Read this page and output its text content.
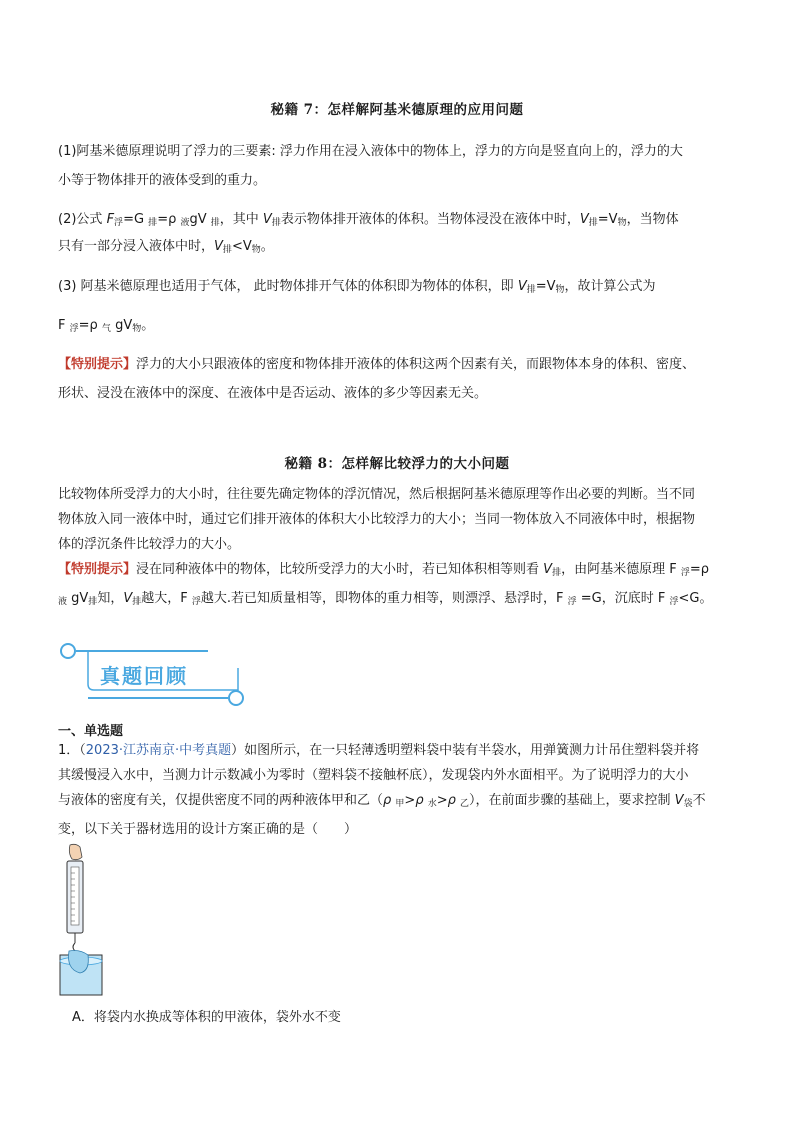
秘籍 7：怎样解阿基米德原理的应用问题
(1)阿基米德原理说明了浮力的三要素: 浮力作用在浸入液体中的物体上，浮力的方向是竖直向上的，浮力的大
小等于物体排开的液体受到的重力。
(2)公式 $F_浮=G$ $_排$=ρ $_液$gV $_排$，其中 $V_排$表示物体排开液体的体积。当物体浸没在液体中时，$V_排=V_物$，当物体
只有一部分浸入液体中时，$V_排<V_物$。
(3) 阿基米德原理也适用于气体， 此时物体排开气体的体积即为物体的体积，即 $V_排=V_物$，故计算公式为
F $_浮$=ρ $_气$ $gV_物$。
【特别提示】浮力的大小只跟液体的密度和物体排开液体的体积这两个因素有关，而跟物体本身的体积、密度、
形状、浸没在液体中的深度、在液体中是否运动、液体的多少等因素无关。
秘籍 8：怎样解比较浮力的大小问题
比较物体所受浮力的大小时，往往要先确定物体的浮沉情况，然后根据阿基米德原理等作出必要的判断。当不同
物体放入同一液体中时，通过它们排开液体的体积大小比较浮力的大小；当同一物体放入不同液体中时，根据物
体的浮沉条件比较浮力的大小。
【特别提示】浸在同种液体中的物体，比较所受浮力的大小时，若已知体积相等则看 $V_排$，由阿基米德原理 F $_浮$=ρ
$_液$ $gV_排$知，$V_排$越大，F $_浮$越大.若已知质量相等，即物体的重力相等，则漂浮、悬浮时，F $_浮$ =G，沉底时 F $_浮$<G。
真题回顾
一、单选题
1．（2023·江苏南京·中考真题）如图所示，在一只轻薄透明塑料袋中装有半袋水，用弹簧测力计吊住塑料袋并将
其缓慢浸入水中，当测力计示数减小为零时（塑料袋不接触杯底），发现袋内外水面相平。为了说明浮力的大小
与液体的密度有关，仅提供密度不同的两种液体甲和乙（ρ $_甲$>ρ $_水$>ρ $_乙$），在前面步骤的基础上，要求控制 $V_袋$不
变，以下关于器材选用的设计方案正确的是（　　）
A．将袋内水换成等体积的甲液体，袋外水不变
